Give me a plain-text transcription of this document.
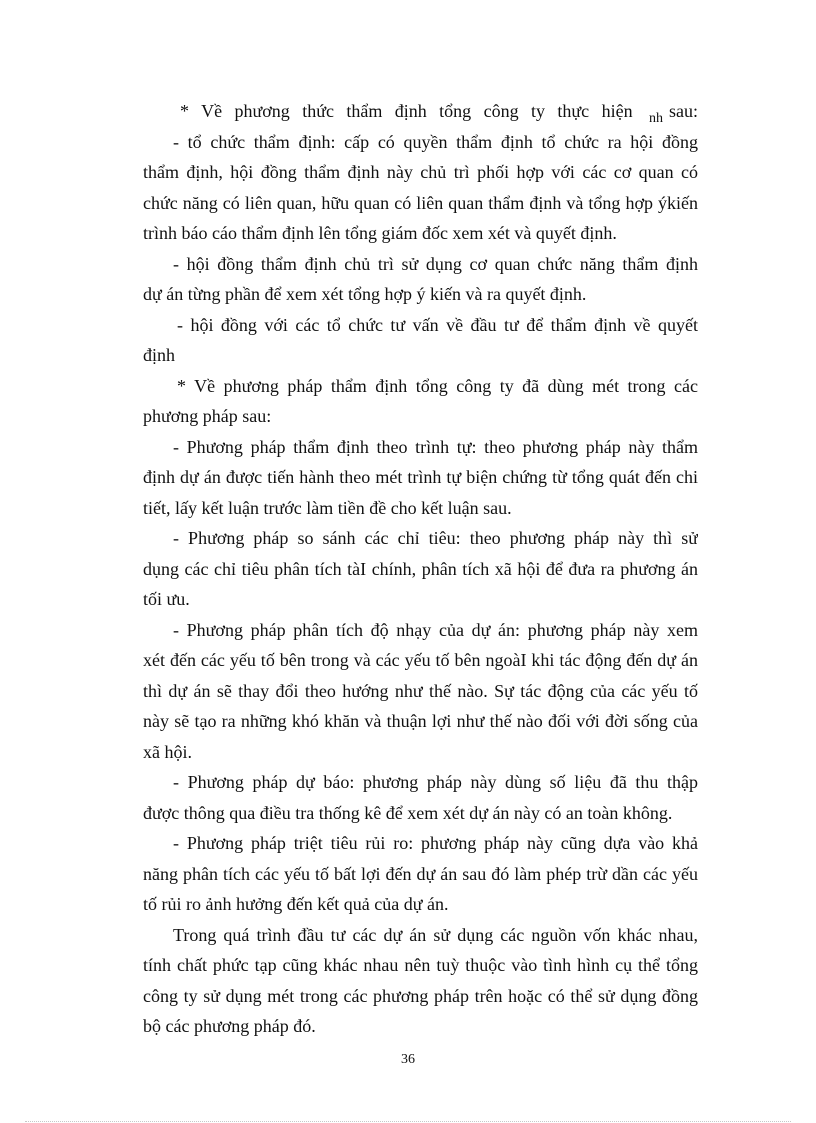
* Về phương thức thẩm định tổng công ty thực hiện $_{nh}$ sau:
- tổ chức thẩm định: cấp có quyền thẩm định tổ chức ra hội đồng
thẩm định, hội đồng thẩm định này chủ trì phối hợp với các cơ quan có
chức năng có liên quan, hữu quan có liên quan thẩm định và tổng hợp ýkiến
trình báo cáo thẩm định lên tổng giám đốc xem xét và quyết định.
- hội đồng thẩm định chủ trì sử dụng cơ quan chức năng thẩm định
dự án từng phần để xem xét tổng hợp ý kiến và ra quyết định.
- hội đồng với các tổ chức tư vấn về đầu tư để thẩm định về quyết
định
* Về phương pháp thẩm định tổng công ty đã dùng mét trong các
phương pháp sau:
- Phương pháp thẩm định theo trình tự: theo phương pháp này thẩm
định dự án được tiến hành theo mét trình tự biện chứng từ tổng quát đến chi
tiết, lấy kết luận trước làm tiền đề cho kết luận sau.
- Phương pháp so sánh các chỉ tiêu: theo phương pháp này thì sử
dụng các chỉ tiêu phân tích tàI chính, phân tích xã hội để đưa ra phương án
tối ưu.
- Phương pháp phân tích độ nhạy của dự án: phương pháp này xem
xét đến các yếu tố bên trong và các yếu tố bên ngoàI khi tác động đến dự án
thì dự án sẽ thay đổi theo hướng như thế nào. Sự tác động của các yếu tố
này sẽ tạo ra những khó khăn và thuận lợi như thế nào đối với đời sống của
xã hội.
- Phương pháp dự báo: phương pháp này dùng số liệu đã thu thập
được thông qua điều tra thống kê để xem xét dự án này có an toàn không.
- Phương pháp triệt tiêu rủi ro: phương pháp này cũng dựa vào khả
năng phân tích các yếu tố bất lợi đến dự án sau đó làm phép trừ dần các yếu
tố rủi ro ảnh hưởng đến kết quả của dự án.
Trong quá trình đầu tư các dự án sử dụng các nguồn vốn khác nhau,
tính chất phức tạp cũng khác nhau nên tuỳ thuộc vào tình hình cụ thể tổng
công ty sử dụng mét trong các phương pháp trên hoặc có thể sử dụng đồng
bộ các phương pháp đó.
36
